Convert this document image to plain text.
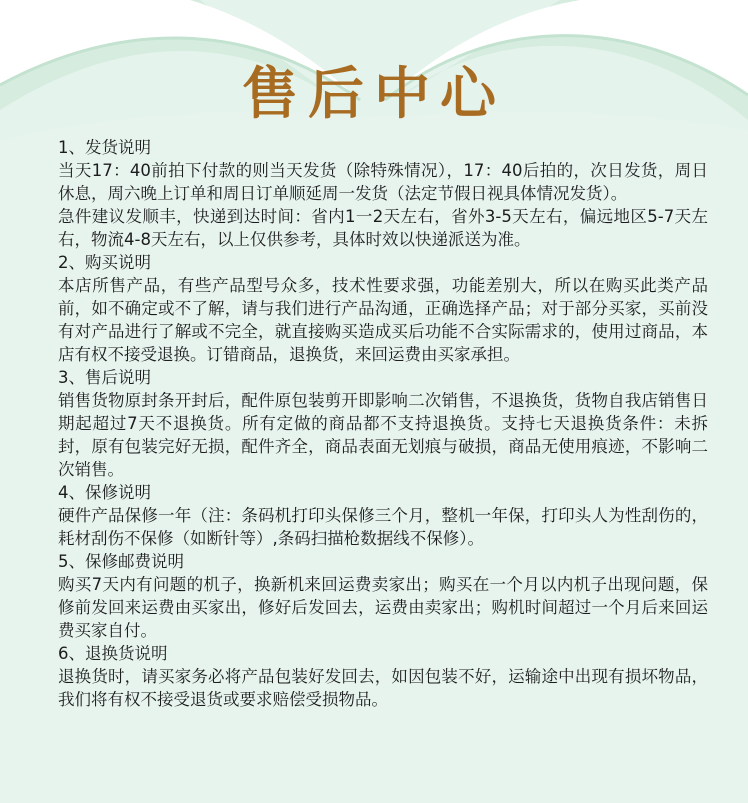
售后中心

1、发货说明

当天17：40前拍下付款的则当天发货（除特殊情况），17：40后拍的，次日发货，周日休息，周六晚上订单和周日订单顺延周一发货（法定节假日视具体情况发货）。

急件建议发顺丰，快递到达时间：省内1一2天左右，省外3-5天左右，偏远地区5-7天左右，物流4-8天左右，以上仅供参考，具体时效以快递派送为准。

2、购买说明

本店所售产品，有些产品型号众多，技术性要求强，功能差别大，所以在购买此类产品前，如不确定或不了解，请与我们进行产品沟通，正确选择产品；对于部分买家，买前没有对产品进行了解或不完全，就直接购买造成买后功能不合实际需求的，使用过商品，本店有权不接受退换。订错商品，退换货，来回运费由买家承担。

3、售后说明

销售货物原封条开封后，配件原包装剪开即影响二次销售，不退换货，货物自我店销售日期起超过7天不退换货。所有定做的商品都不支持退换货。支持七天退换货条件：未拆封，原有包装完好无损，配件齐全，商品表面无划痕与破损，商品无使用痕迹，不影响二次销售。

4、保修说明

硬件产品保修一年（注：条码机打印头保修三个月，整机一年保，打印头人为性刮伤的，耗材刮伤不保修（如断针等）,条码扫描枪数据线不保修）。

5、保修邮费说明

购买7天内有问题的机子，换新机来回运费卖家出；购买在一个月以内机子出现问题，保修前发回来运费由买家出，修好后发回去，运费由卖家出；购机时间超过一个月后来回运费买家自付。

6、退换货说明

退换货时，请买家务必将产品包装好发回去，如因包装不好，运输途中出现有损坏物品，我们将有权不接受退货或要求赔偿受损物品。
